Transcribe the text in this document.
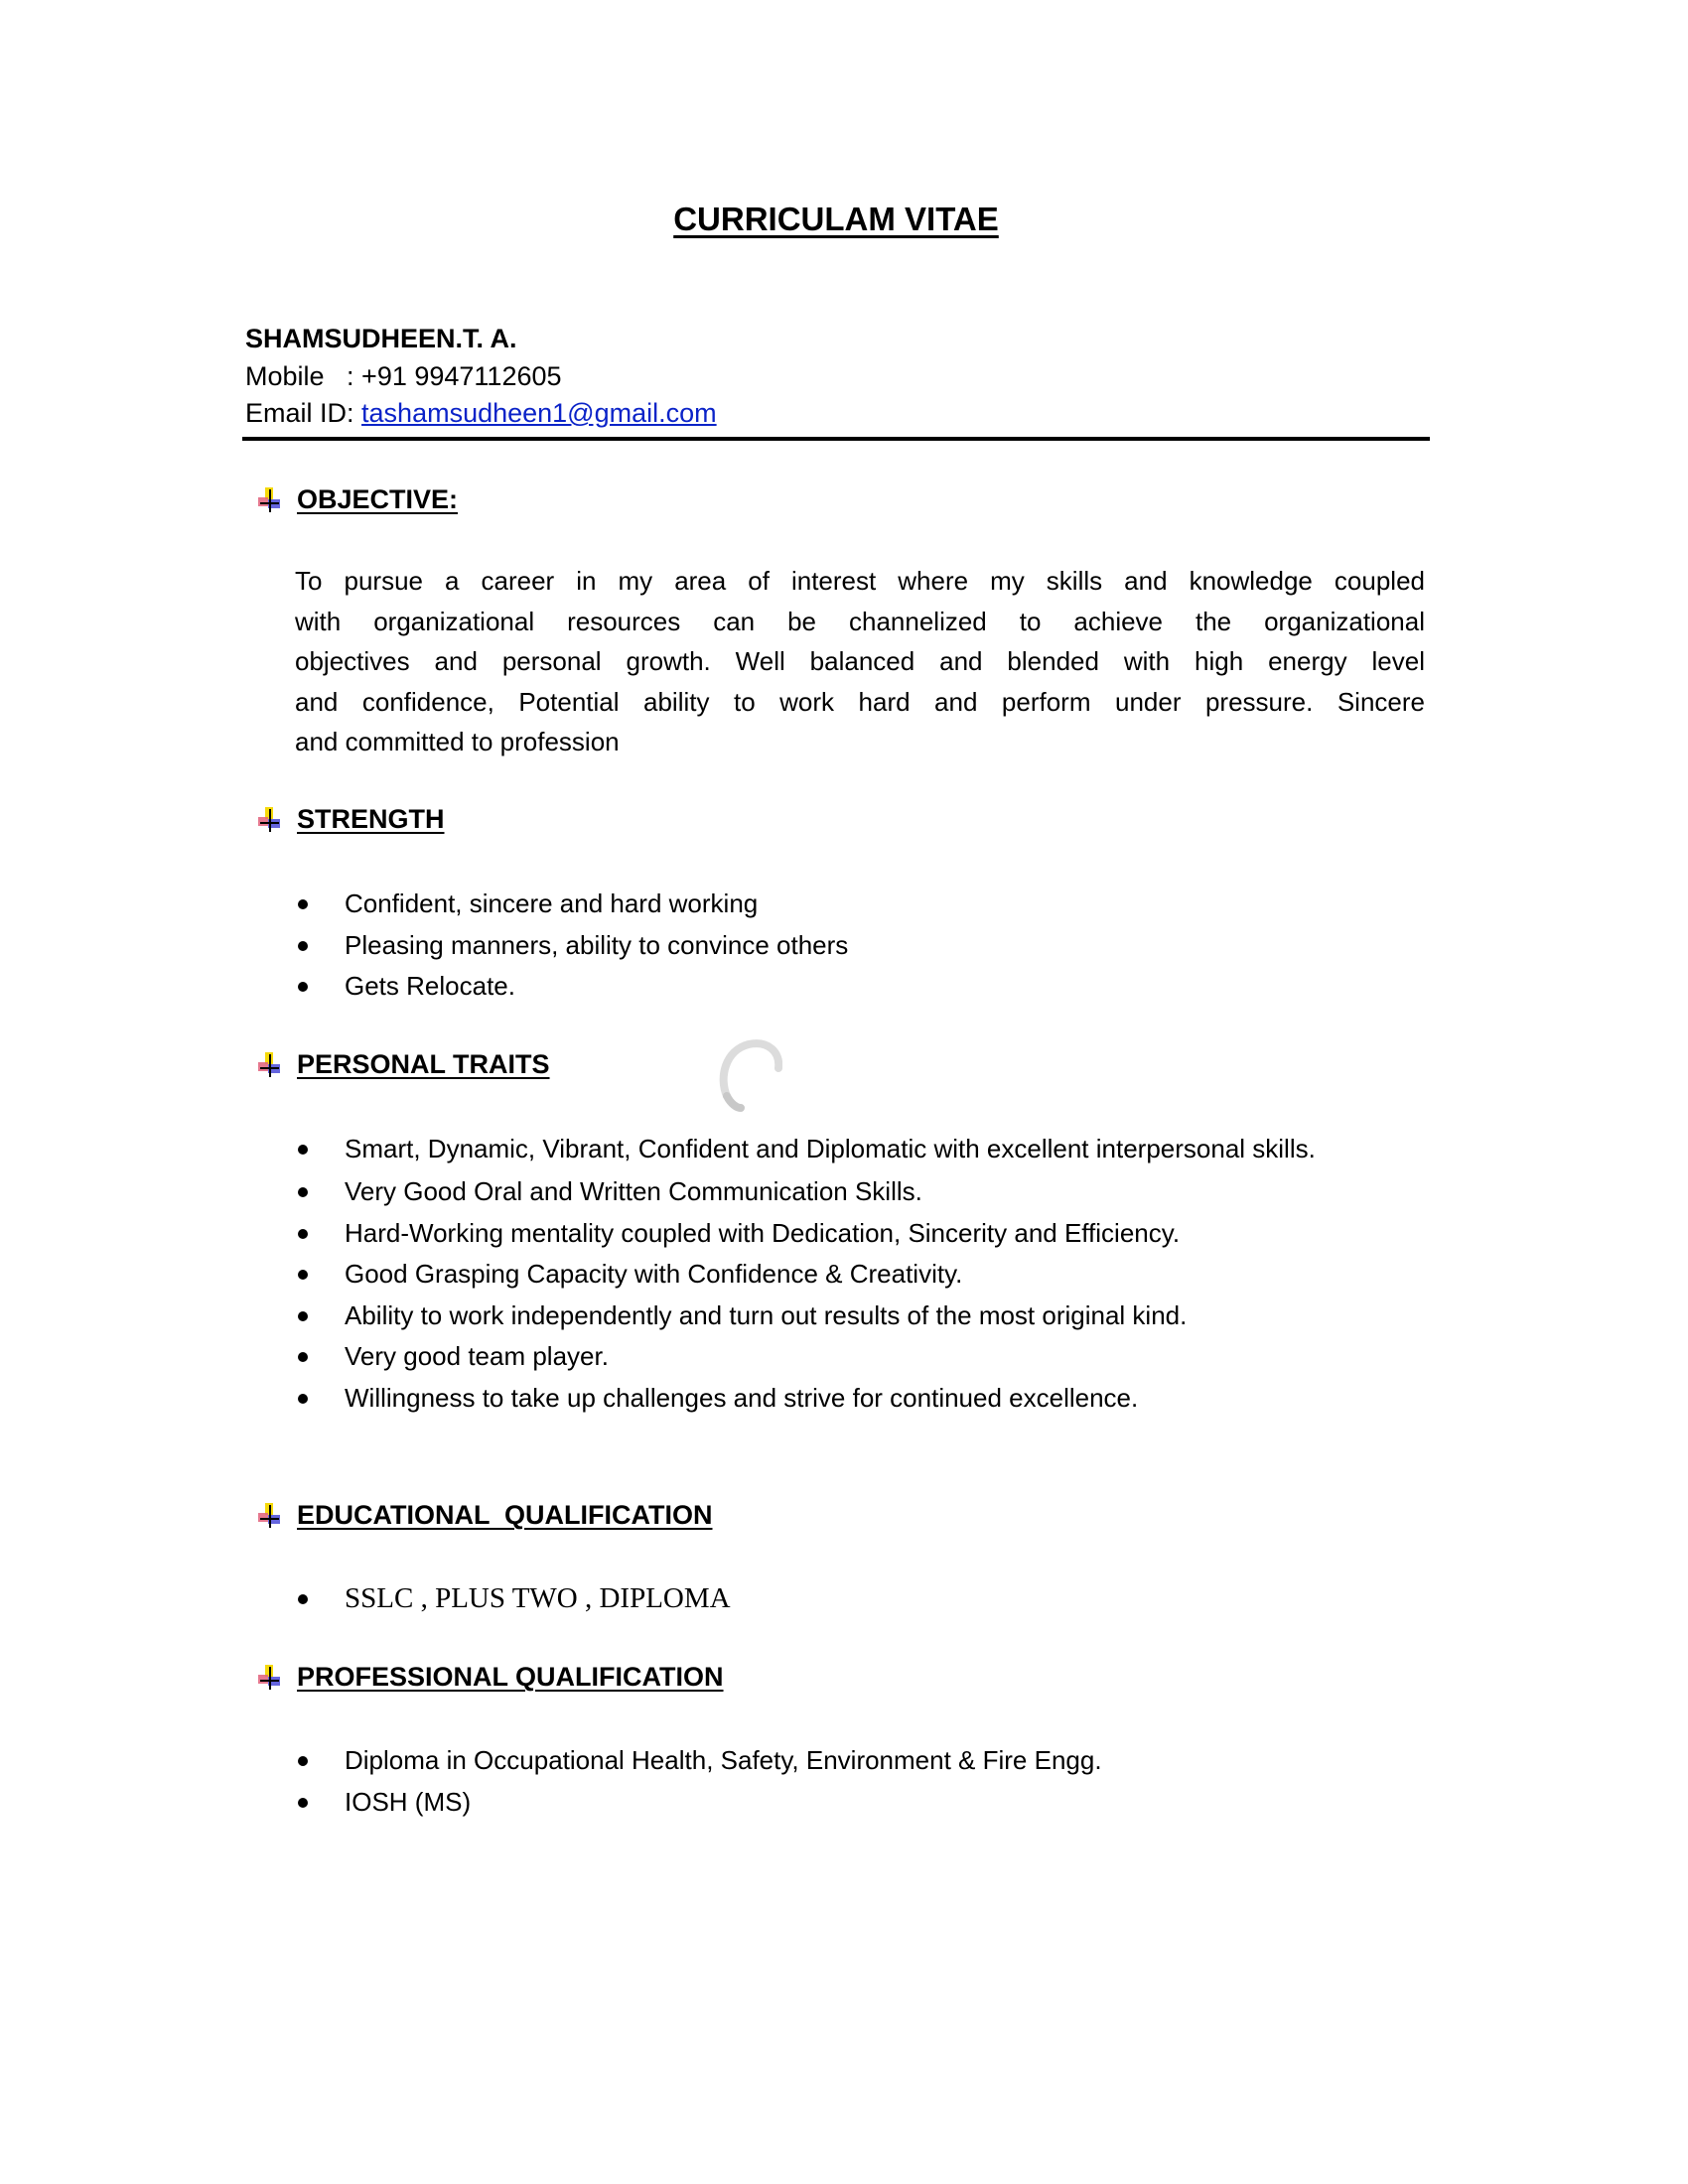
CURRICULAM VITAE
SHAMSUDHEEN.T. A.
Mobile   : +91 9947112605
Email ID: tashamsudheen1@gmail.com
OBJECTIVE:
To pursue a career in my area of interest where my skills and knowledge coupled
with organizational resources can be channelized to achieve the organizational
objectives and personal growth. Well balanced and blended with high energy level
and confidence, Potential ability to work hard and perform under pressure. Sincere
and committed to profession
STRENGTH
Confident, sincere and hard working
Pleasing manners, ability to convince others
Gets Relocate.
PERSONAL TRAITS
Smart, Dynamic, Vibrant, Confident and Diplomatic with excellent interpersonal skills.
Very Good Oral and Written Communication Skills.
Hard-Working mentality coupled with Dedication, Sincerity and Efficiency.
Good Grasping Capacity with Confidence & Creativity.
Ability to work independently and turn out results of the most original kind.
Very good team player.
Willingness to take up challenges and strive for continued excellence.
EDUCATIONAL  QUALIFICATION
SSLC , PLUS TWO , DIPLOMA
PROFESSIONAL QUALIFICATION
Diploma in Occupational Health, Safety, Environment & Fire Engg.
IOSH (MS)
